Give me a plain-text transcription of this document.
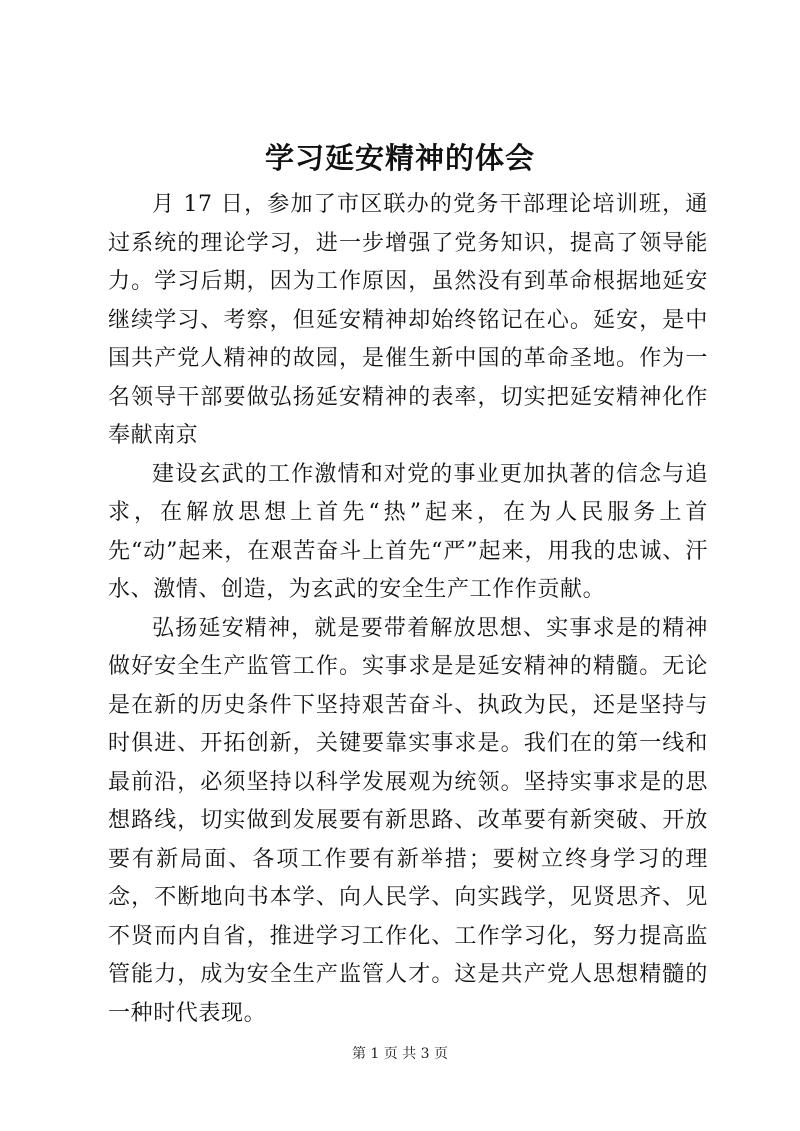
学习延安精神的体会

月 17 日，参加了市区联办的党务干部理论培训班，通过系统的理论学习，进一步增强了党务知识，提高了领导能力。学习后期，因为工作原因，虽然没有到革命根据地延安继续学习、考察，但延安精神却始终铭记在心。延安，是中国共产党人精神的故园，是催生新中国的革命圣地。作为一名领导干部要做弘扬延安精神的表率，切实把延安精神化作奉献南京

建设玄武的工作激情和对党的事业更加执著的信念与追求，在解放思想上首先“热”起来，在为人民服务上首先“动”起来，在艰苦奋斗上首先“严”起来，用我的忠诚、汗水、激情、创造，为玄武的安全生产工作作贡献。

弘扬延安精神，就是要带着解放思想、实事求是的精神做好安全生产监管工作。实事求是是延安精神的精髓。无论是在新的历史条件下坚持艰苦奋斗、执政为民，还是坚持与时俱进、开拓创新，关键要靠实事求是。我们在的第一线和最前沿，必须坚持以科学发展观为统领。坚持实事求是的思想路线，切实做到发展要有新思路、改革要有新突破、开放要有新局面、各项工作要有新举措；要树立终身学习的理念，不断地向书本学、向人民学、向实践学，见贤思齐、见不贤而内自省，推进学习工作化、工作学习化，努力提高监管能力，成为安全生产监管人才。这是共产党人思想精髓的一种时代表现。

第 1 页 共 3 页
